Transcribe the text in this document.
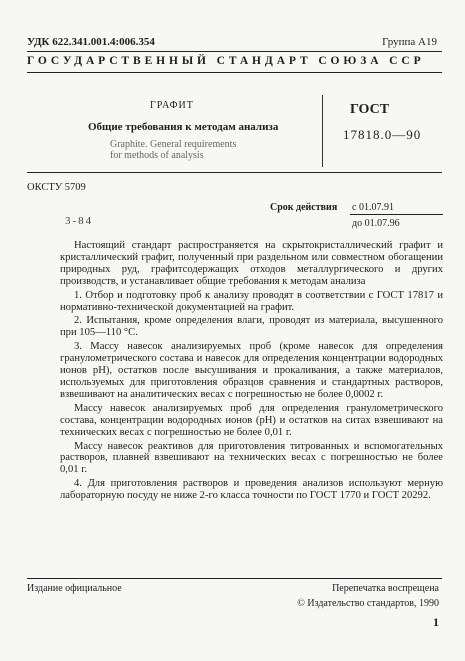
УДК 622.341.001.4:006.354	Группа А19
ГОСУДАРСТВЕННЫЙ СТАНДАРТ СОЮЗА ССР
ГРАФИТ
Общие требования к методам анализа
Graphite. General requirements
for methods of analysis
ГОСТ
17818.0—90
ОКСТУ 5709
Срок действия с 01.07.91
до 01.07.96
3-84

Настоящий стандарт распространяется на скрытокристаллический графит и кристаллический графит, полученный при раздельном или совместном обогащении природных руд, графитсодержащих отходов металлургического и других производств, и устанавливает общие требования к методам анализа

1. Отбор и подготовку проб к анализу проводят в соответствии с ГОСТ 17817 и нормативно-технической документацией на графит.

2. Испытания, кроме определения влаги, проводят из материала, высушенного при 105—110 °С.

3. Массу навесок анализируемых проб (кроме навесок для определения гранулометрического состава и навесок для определения концентрации водородных ионов рН), остатков после высушивания и прокаливания, а также материалов, используемых для приготовления образцов сравнения и стандартных растворов, взвешивают на аналитических весах с погрешностью не более 0,0002 г.

Массу навесок анализируемых проб для определения гранулометрического состава, концентрации водородных ионов (рН) и остатков на ситах взвешивают на технических весах с погрешностью не более 0,01 г.

Массу навесок реактивов для приготовления титрованных и вспомогательных растворов, плавней взвешивают на технических весах с погрешностью не более 0,01 г.

4. Для приготовления растворов и проведения анализов используют мерную лабораторную посуду не ниже 2-го класса точности по ГОСТ 1770 и ГОСТ 20292.

Издание официальное	Перепечатка воспрещена
© Издательство стандартов, 1990
1
